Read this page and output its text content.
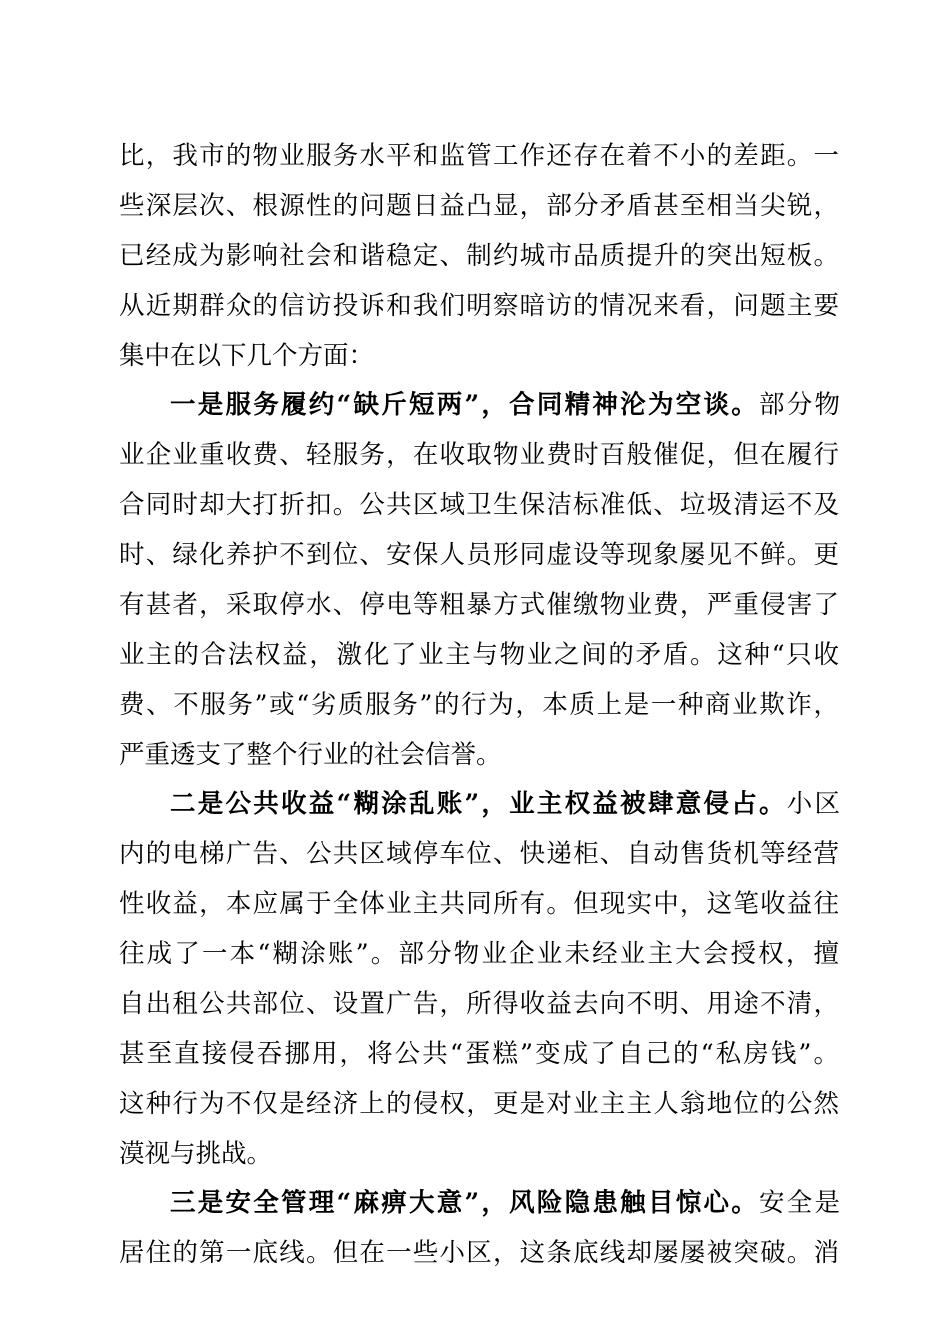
比，我市的物业服务水平和监管工作还存在着不小的差距。一
些深层次、根源性的问题日益凸显，部分矛盾甚至相当尖锐，
已经成为影响社会和谐稳定、制约城市品质提升的突出短板。
从近期群众的信访投诉和我们明察暗访的情况来看，问题主要
集中在以下几个方面：
一是服务履约“缺斤短两”，合同精神沦为空谈。部分物
业企业重收费、轻服务，在收取物业费时百般催促，但在履行
合同时却大打折扣。公共区域卫生保洁标准低、垃圾清运不及
时、绿化养护不到位、安保人员形同虚设等现象屡见不鲜。更
有甚者，采取停水、停电等粗暴方式催缴物业费，严重侵害了
业主的合法权益，激化了业主与物业之间的矛盾。这种“只收
费、不服务”或“劣质服务”的行为，本质上是一种商业欺诈，
严重透支了整个行业的社会信誉。
二是公共收益“糊涂乱账”，业主权益被肆意侵占。小区
内的电梯广告、公共区域停车位、快递柜、自动售货机等经营
性收益，本应属于全体业主共同所有。但现实中，这笔收益往
往成了一本“糊涂账”。部分物业企业未经业主大会授权，擅
自出租公共部位、设置广告，所得收益去向不明、用途不清，
甚至直接侵吞挪用，将公共“蛋糕”变成了自己的“私房钱”。
这种行为不仅是经济上的侵权，更是对业主主人翁地位的公然
漠视与挑战。
三是安全管理“麻痹大意”，风险隐患触目惊心。安全是
居住的第一底线。但在一些小区，这条底线却屡屡被突破。消
